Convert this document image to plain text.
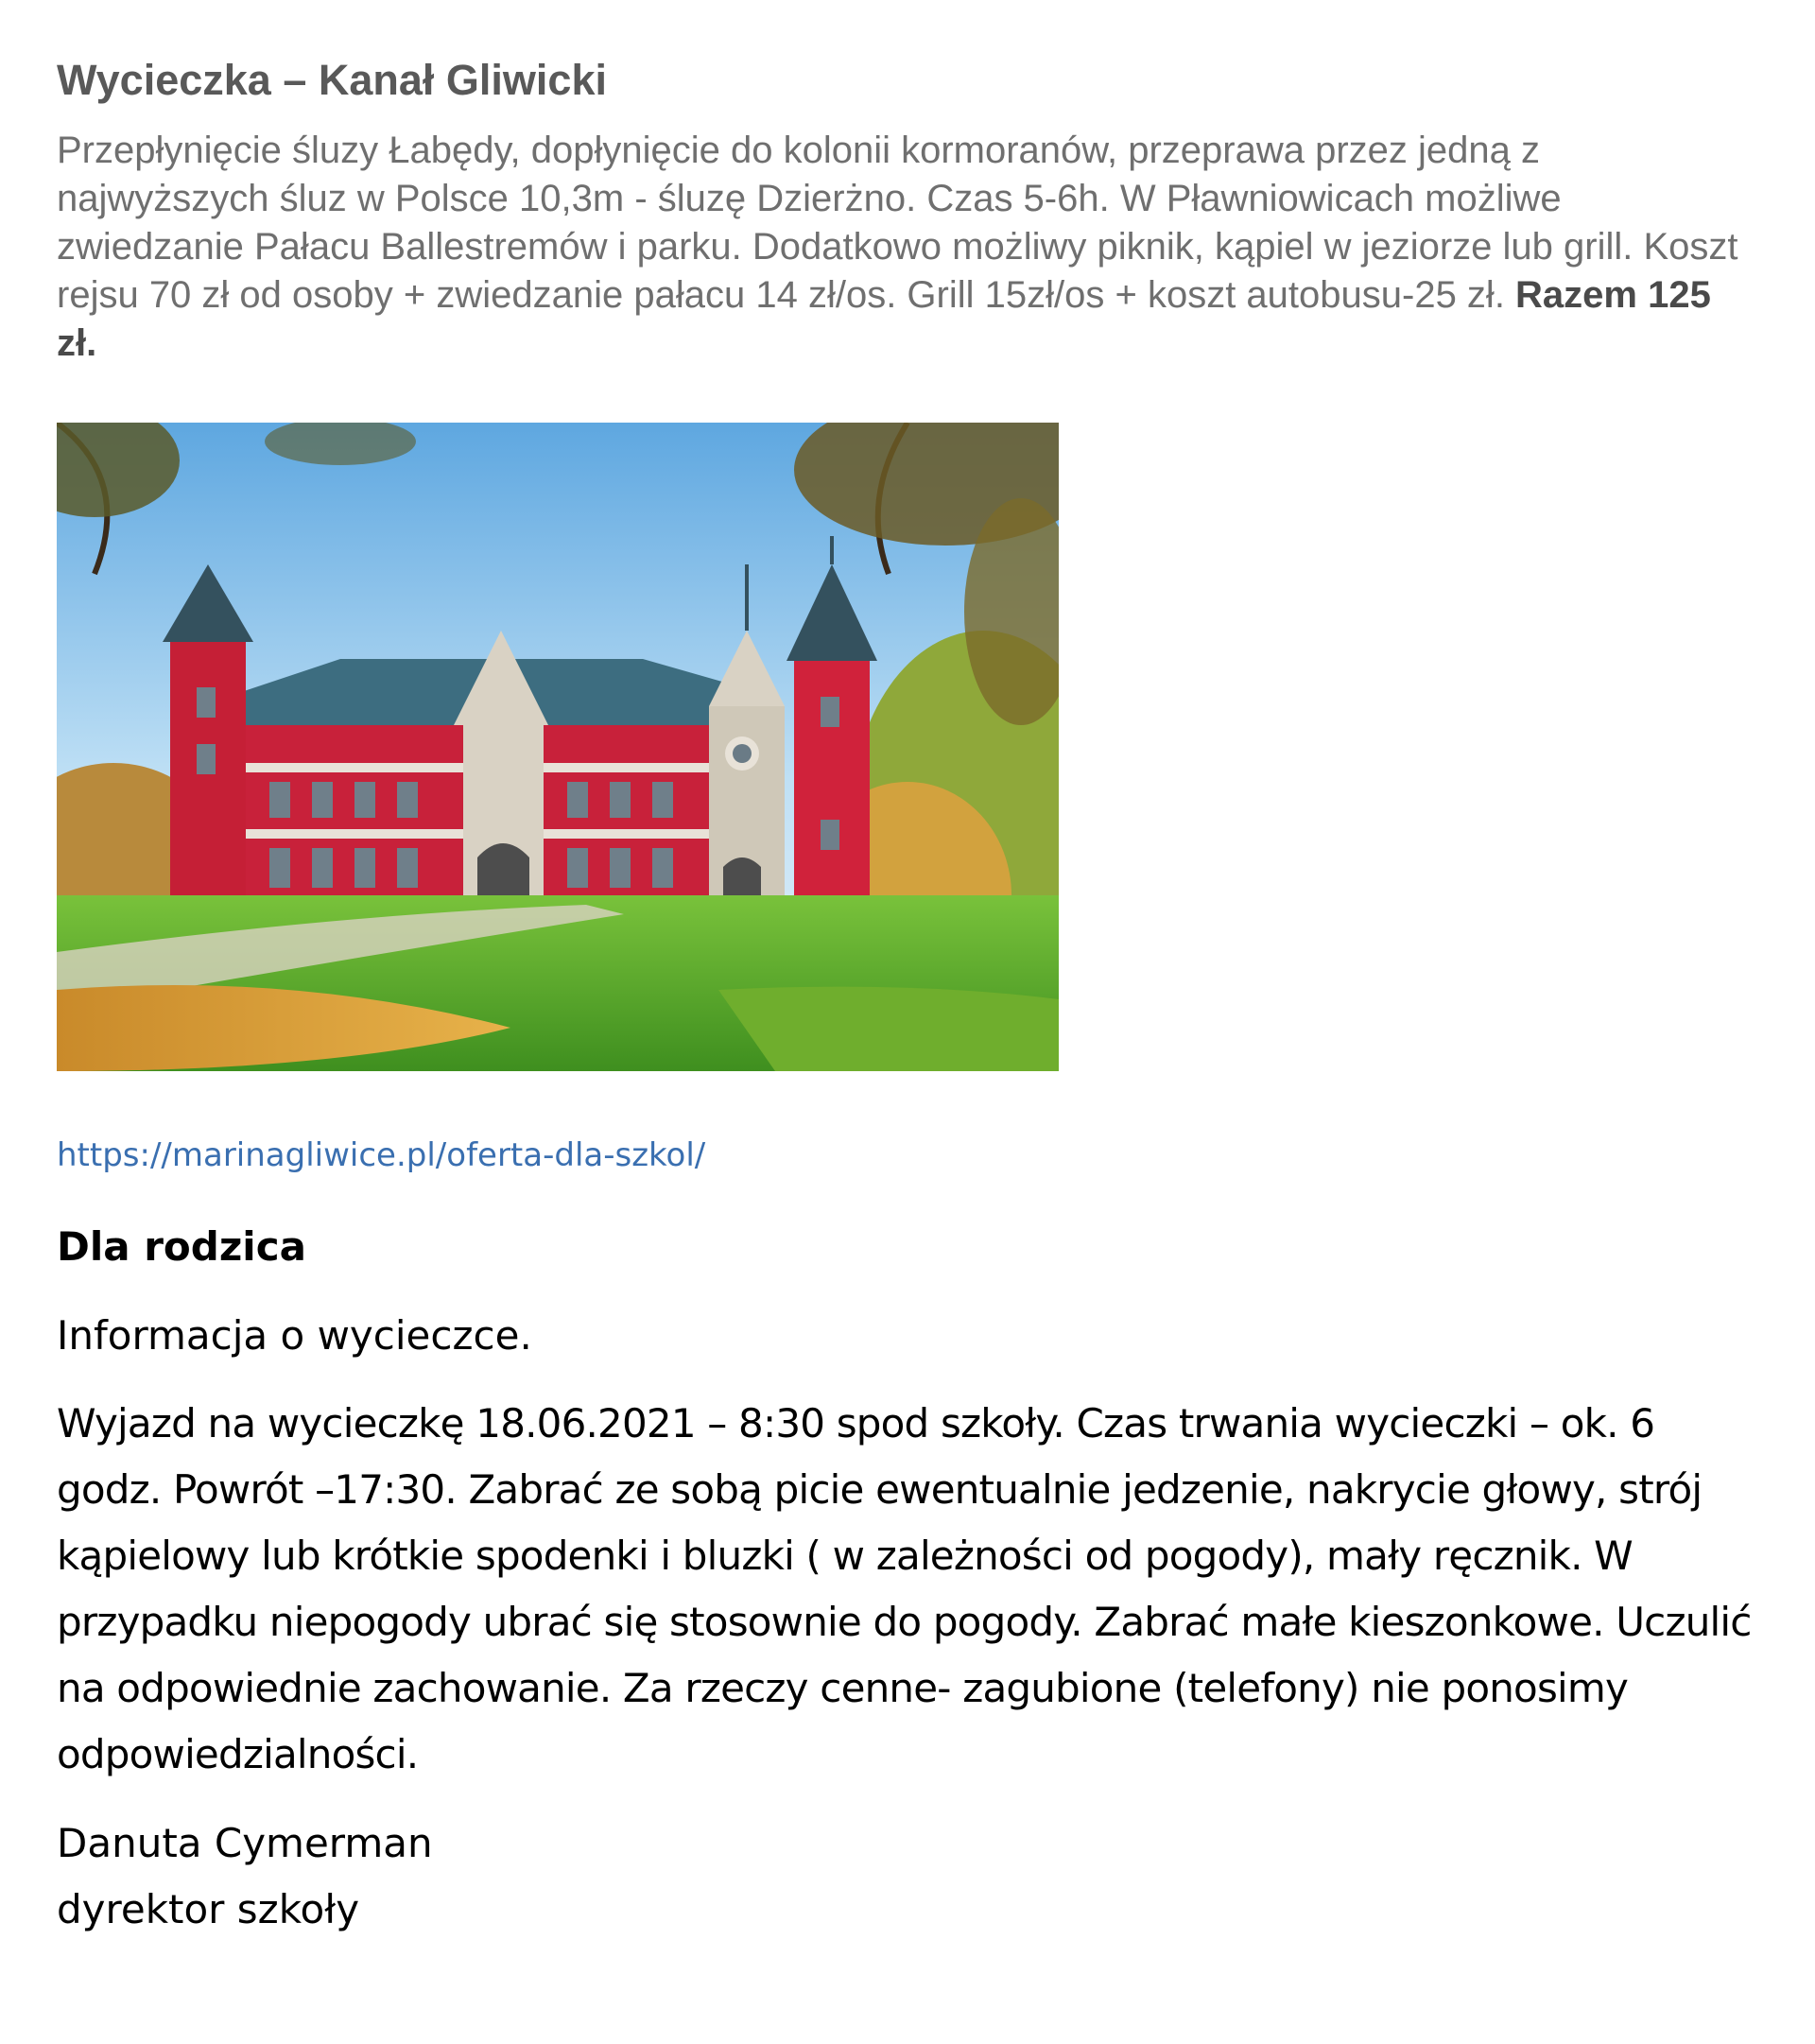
Wycieczka – Kanał Gliwicki

Przepłynięcie śluzy Łabędy, dopłynięcie do kolonii kormoranów, przeprawa przez jedną z najwyższych śluz w Polsce 10,3m - śluzę Dzierżno. Czas 5-6h. W Pławniowicach możliwe zwiedzanie Pałacu Ballestremów i parku. Dodatkowo możliwy piknik, kąpiel w jeziorze lub grill. Koszt rejsu 70 zł od osoby + zwiedzanie pałacu 14 zł/os. Grill 15zł/os + koszt autobusu-25 zł. Razem 125 zł.

https://marinagliwice.pl/oferta-dla-szkol/
Dla rodzica

Informacja o wycieczce.

Wyjazd na wycieczkę 18.06.2021 – 8:30 spod szkoły. Czas trwania wycieczki – ok. 6 godz. Powrót –17:30. Zabrać ze sobą picie ewentualnie jedzenie, nakrycie głowy, strój kąpielowy lub krótkie spodenki i bluzki ( w zależności od pogody), mały ręcznik. W przypadku niepogody ubrać się stosownie do pogody. Zabrać małe kieszonkowe. Uczulić na odpowiednie zachowanie. Za rzeczy cenne- zagubione (telefony) nie ponosimy odpowiedzialności.

Danuta Cymerman
dyrektor szkoły
